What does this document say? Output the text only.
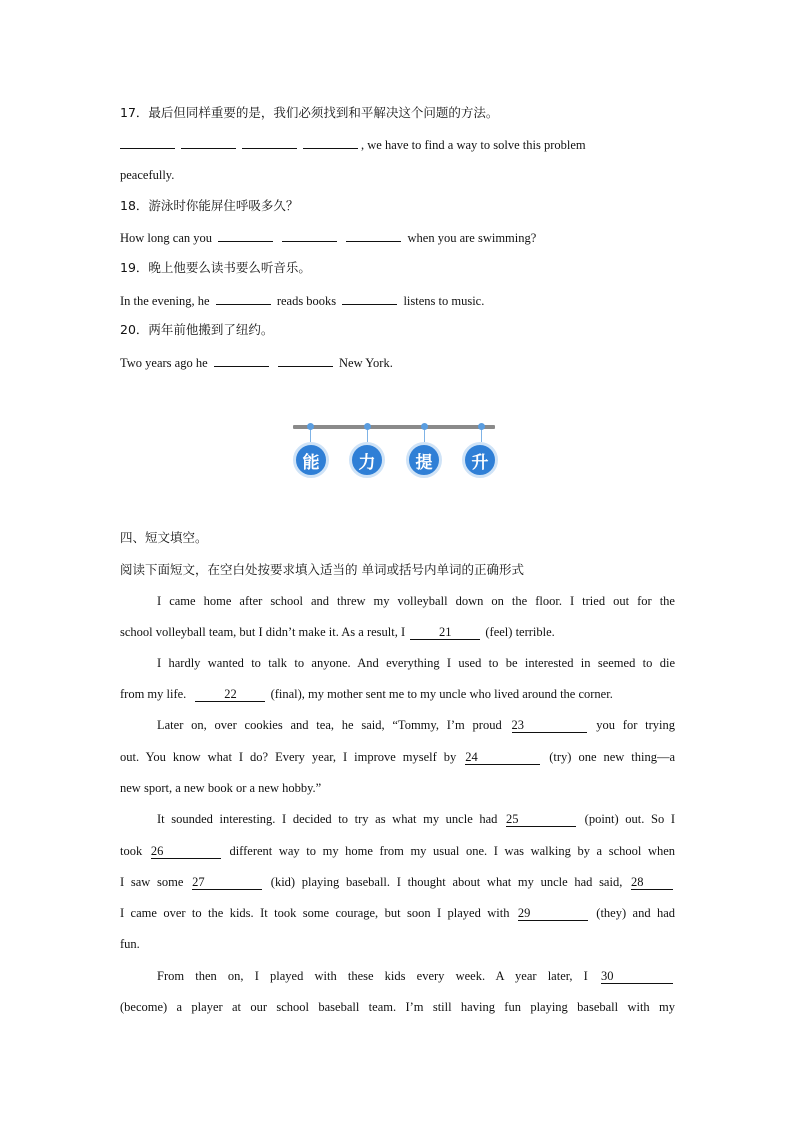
17．最后但同样重要的是，我们必须找到和平解决这个问题的方法。
, we have to find a way to solve this problem
peacefully.
18．游泳时你能屏住呼吸多久？
How long can you	when you are swimming?
19．晚上他要么读书要么听音乐。
In the evening, he	reads books	listens to music.
20．两年前他搬到了纽约。
Two years ago he	New York.
能	力	提	升
四、短文填空。
阅读下面短文，在空白处按要求填入适当的 单词或括号内单词的正确形式
I came home after school and threw my volleyball down on the floor. I tried out for the
school volleyball team, but I didn’t make it. As a result, I	21	(feel) terrible.
I hardly wanted to talk to anyone. And everything I used to be interested in seemed to die
from my life.	22	(final), my mother sent me to my uncle who lived around the corner.
Later on, over cookies and tea, he said, “Tommy, I’m proud 23	you for trying
out. You know what I do? Every year, I improve myself by 24	(try) one new thing—a
new sport, a new book or a new hobby.”
It sounded interesting. I decided to try as what my uncle had 25	(point) out. So I
took 26	different way to my home from my usual one. I was walking by a school when
I saw some 27	(kid) playing baseball. I thought about what my uncle had said, 28
I came over to the kids. It took some courage, but soon I played with 29	(they) and had
fun.
From then on, I played with these kids every week. A year later, I 30
(become) a player at our school baseball team. I’m still having fun playing baseball with my
